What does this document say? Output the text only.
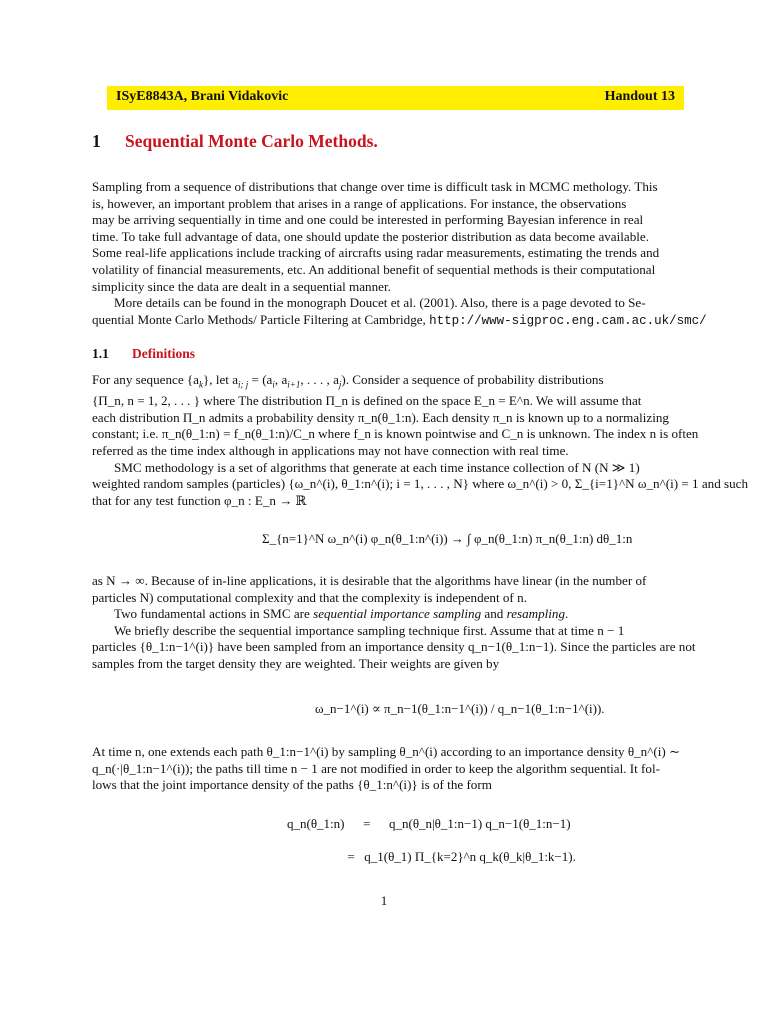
ISyE8843A, Brani Vidakovic	Handout 13
1 Sequential Monte Carlo Methods.
Sampling from a sequence of distributions that change over time is difficult task in MCMC methology. This
is, however, an important problem that arises in a range of applications. For instance, the observations
may be arriving sequentially in time and one could be interested in performing Bayesian inference in real
time. To take full advantage of data, one should update the posterior distribution as data become available.
Some real-life applications include tracking of aircrafts using radar measurements, estimating the trends and
volatility of financial measurements, etc. An additional benefit of sequential methods is their computational
simplicity since the data are dealt in a sequential manner.
More details can be found in the monograph Doucet et al. (2001). Also, there is a page devoted to Se-
quential Monte Carlo Methods/ Particle Filtering at Cambridge, http://www-sigproc.eng.cam.ac.uk/smc/
1.1 Definitions
For any sequence $\{a_k\}$, let $a_{i; j} = (a_i$, $a_{i+1}$, . . . , $a_j$). Consider a sequence of probability distributions
{Π_n, n = 1, 2, . . . } where The distribution Π_n is defined on the space E_n = E^n. We will assume that
each distribution Π_n admits a probability density π_n(θ_1:n). Each density π_n is known up to a normalizing
constant; i.e. π_n(θ_1:n) = f_n(θ_1:n)/C_n where f_n is known pointwise and C_n is unknown. The index n is often
referred as the time index although in applications may not have connection with real time.
SMC methodology is a set of algorithms that generate at each time instance collection of N (N ≫ 1)
weighted random samples (particles) {ω_n^(i), θ_1:n^(i); i = 1, . . . , N} where ω_n^(i) > 0, Σ_{i=1}^N ω_n^(i) = 1 and such
that for any test function φ_n : E_n → ℝ
Σ_{n=1}^N ω_n^(i) φ_n(θ_1:n^(i)) → ∫ φ_n(θ_1:n) π_n(θ_1:n) dθ_1:n
as N → ∞. Because of in-line applications, it is desirable that the algorithms have linear (in the number of
particles N) computational complexity and that the complexity is independent of n.
Two fundamental actions in SMC are sequential importance sampling and resampling.
We briefly describe the sequential importance sampling technique first. Assume that at time n − 1
particles {θ_1:n−1^(i)} have been sampled from an importance density q_n−1(θ_1:n−1). Since the particles are not
samples from the target density they are weighted. Their weights are given by
ω_n−1^(i) ∝ π_n−1(θ_1:n−1^(i)) / q_n−1(θ_1:n−1^(i)).
At time n, one extends each path θ_1:n−1^(i) by sampling θ_n^(i) according to an importance density θ_n^(i) ∼
q_n(·|θ_1:n−1^(i)); the paths till time n − 1 are not modified in order to keep the algorithm sequential. It fol-
lows that the joint importance density of the paths {θ_1:n^(i)} is of the form
q_n(θ_1:n) = q_n(θ_n|θ_1:n−1) q_n−1(θ_1:n−1)
= q_1(θ_1) Π_{k=2}^n q_k(θ_k|θ_1:k−1).
1
